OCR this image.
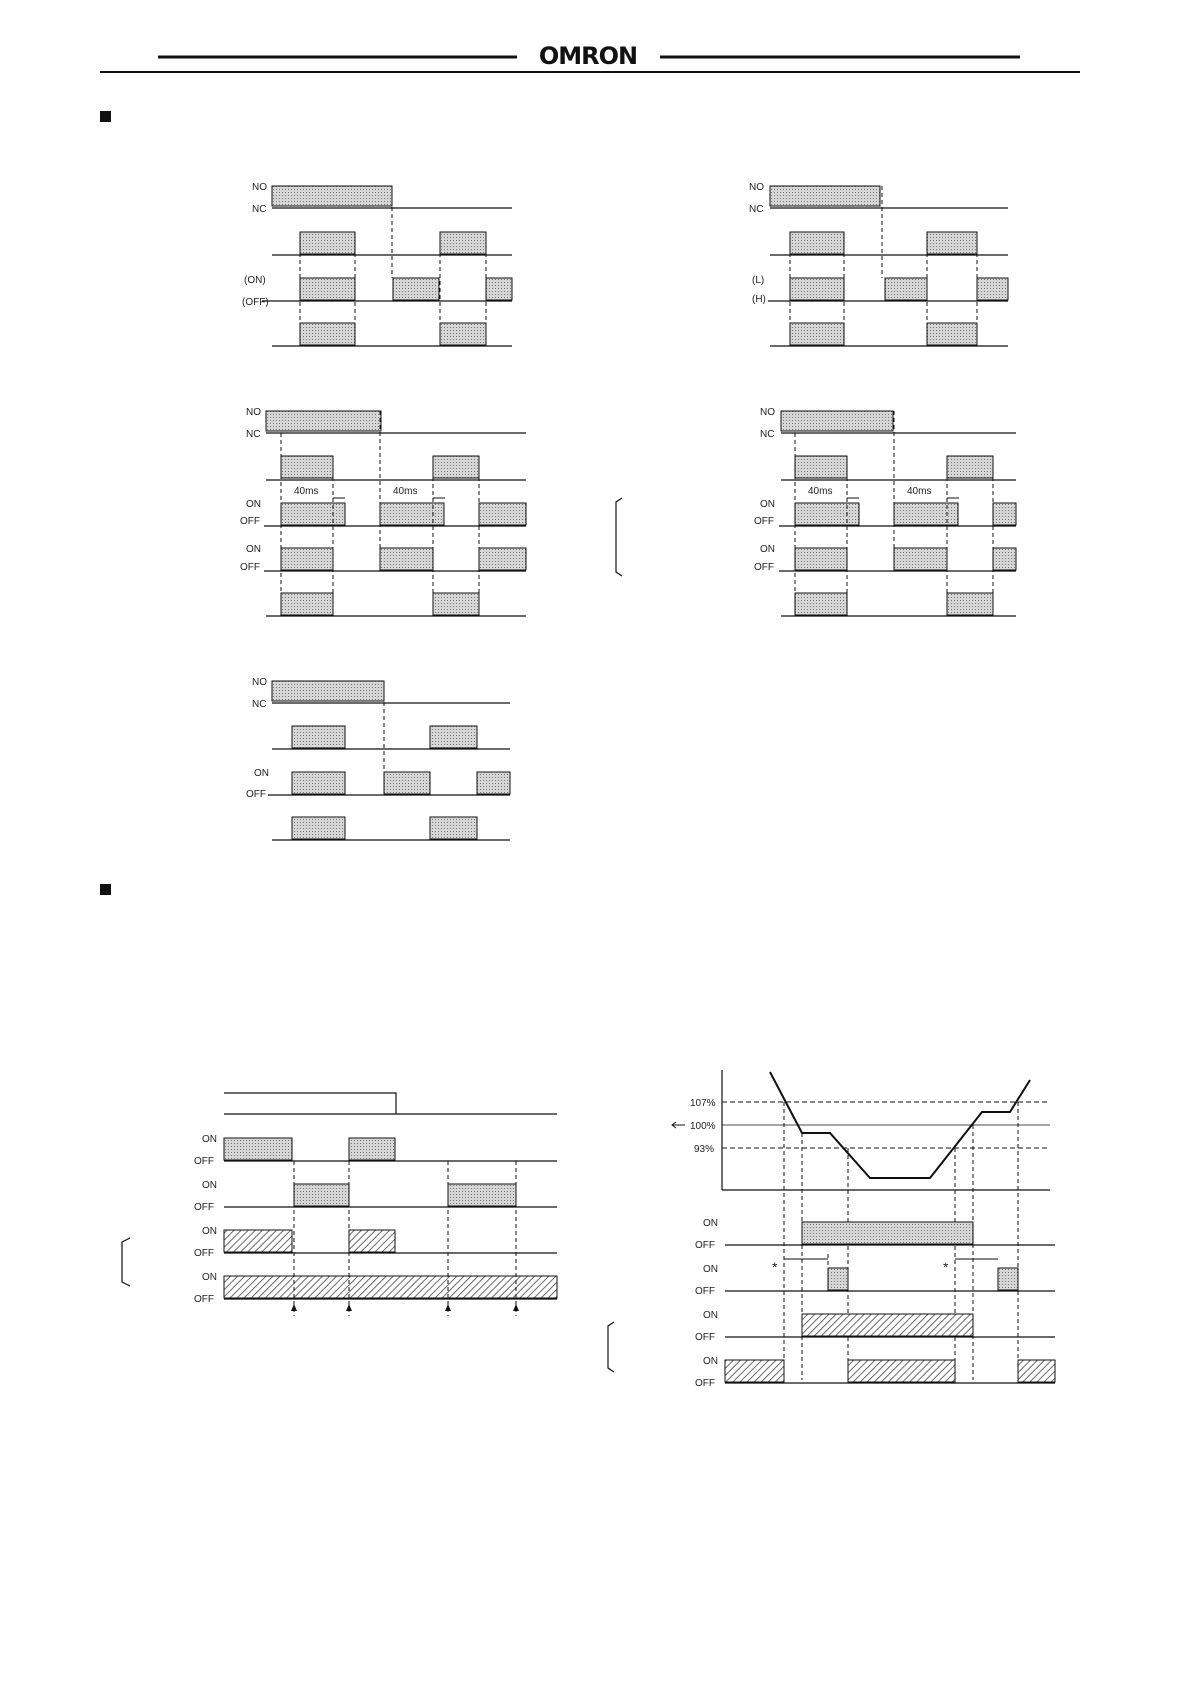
OMRON
NO
NC
(ON)
(OFF)
NO
NC
(L)
(H)
40ms	40ms
NO
NC
ON
OFF
ON
OFF
40ms	40ms
NO
NC
ON
OFF
ON
OFF
NO
NC
ON
OFF
ON
OFF
ON
OFF
ON
OFF
ON
OFF
107%
100%
93%
ON
OFF
ON
OFF
ON
OFF
ON
OFF
*	*
